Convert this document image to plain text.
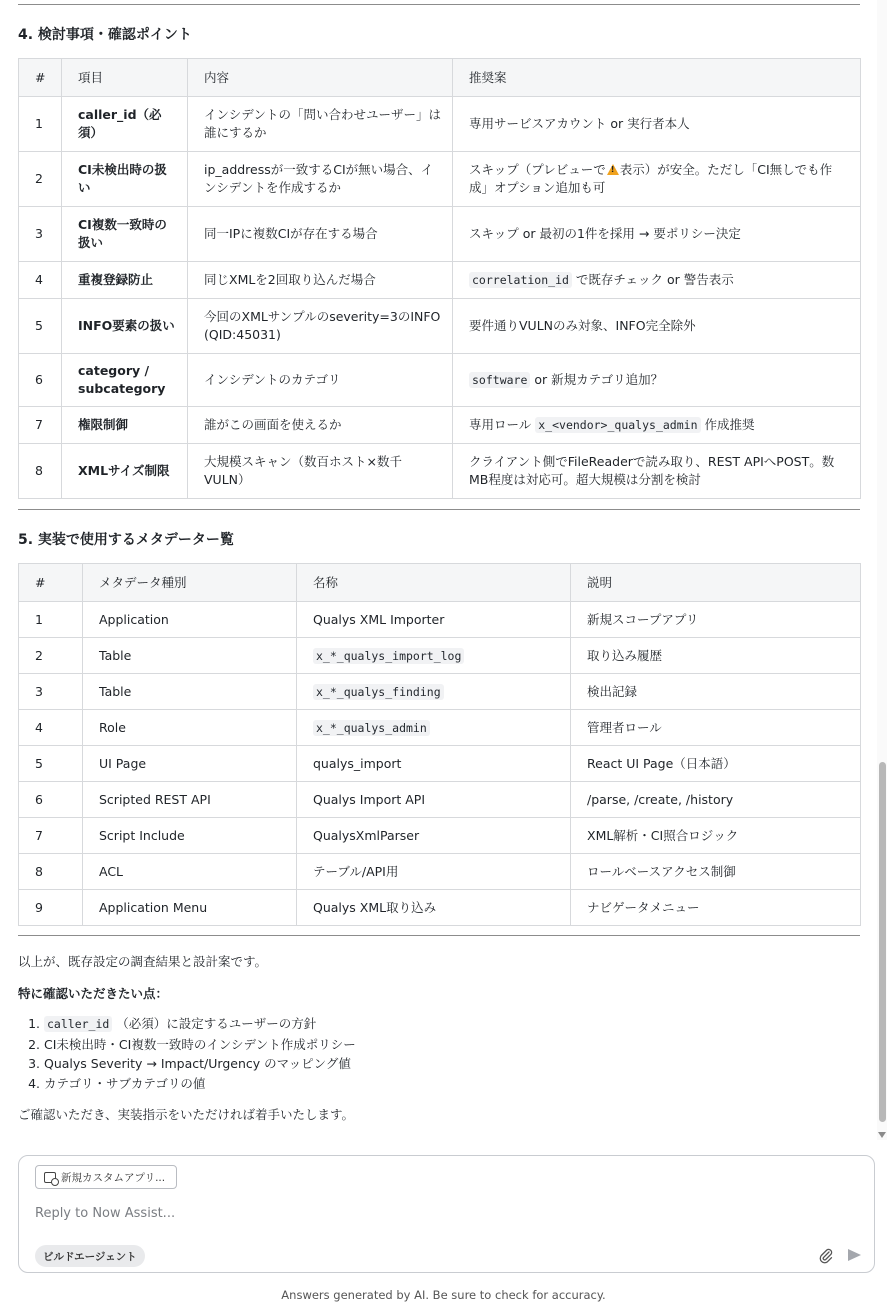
4. 検討事項・確認ポイント
#	項目	内容	推奨案
1	caller_id（必須）	インシデントの「問い合わせユーザー」は誰にするか	専用サービスアカウント or 実行者本人
2	CI未検出時の扱い	ip_addressが一致するCIが無い場合、インシデントを作成するか	スキップ（プレビューで ! 表示）が安全。ただし「CI無しでも作成」オプション追加も可
3	CI複数一致時の扱い	同一IPに複数CIが存在する場合	スキップ or 最初の1件を採用 → 要ポリシー決定
4	重複登録防止	同じXMLを2回取り込んだ場合	correlation_id で既存チェック or 警告表示
5	INFO要素の扱い	今回のXMLサンプルのseverity=3のINFO (QID:45031)	要件通りVULNのみ対象、INFO完全除外
6	category / subcategory	インシデントのカテゴリ	software or 新規カテゴリ追加？
7	権限制御	誰がこの画面を使えるか	専用ロール x_<vendor>_qualys_admin 作成推奨
8	XMLサイズ制限	大規模スキャン（数百ホスト×数千VULN）	クライアント側でFileReaderで読み取り、REST APIへPOST。数MB程度は対応可。超大規模は分割を検討
5. 実装で使用するメタデーター覧
#	メタデータ種別	名称	説明
1	Application	Qualys XML Importer	新規スコープアプリ
2	Table	x_*_qualys_import_log	取り込み履歴
3	Table	x_*_qualys_finding	検出記録
4	Role	x_*_qualys_admin	管理者ロール
5	UI Page	qualys_import	React UI Page（日本語）
6	Scripted REST API	Qualys Import API	/parse, /create, /history
7	Script Include	QualysXmlParser	XML解析・CI照合ロジック
8	ACL	テーブル/API用	ロールベースアクセス制御
9	Application Menu	Qualys XML取り込み	ナビゲータメニュー
以上が、既存設定の調査結果と設計案です。
特に確認いただきたい点：
1. caller_id （必須）に設定するユーザーの方針
2. CI未検出時・CI複数一致時のインシデント作成ポリシー
3. Qualys Severity → Impact/Urgency のマッピング値
4. カテゴリ・サブカテゴリの値
ご確認いただき、実装指示をいただければ着手いたします。
新規カスタムアプリ...
Reply to Now Assist...
ビルドエージェント
Answers generated by AI. Be sure to check for accuracy.
